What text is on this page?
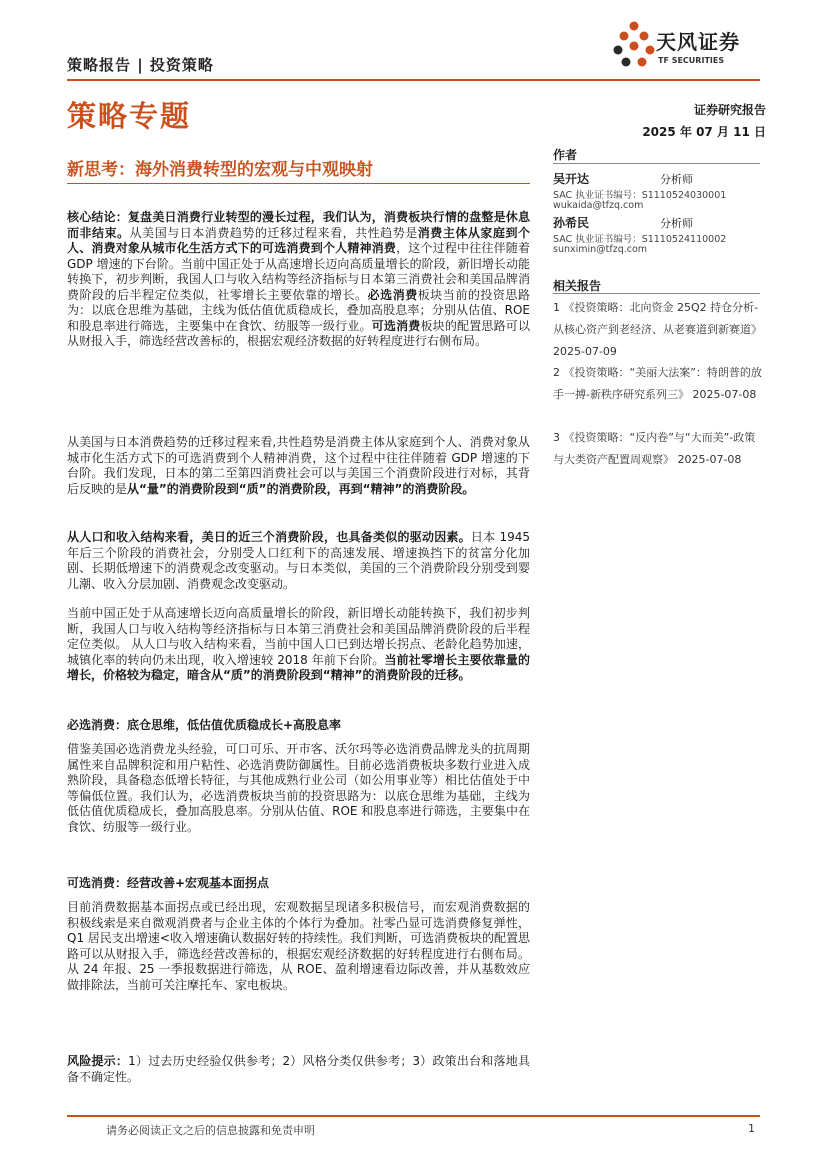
策略报告 | 投资策略
天风证券
TF SECURITIES
策略专题	证券研究报告
2025 年 07 月 11 日
新思考：海外消费转型的宏观与中观映射
作者
吴开达	分析师
SAC 执业证书编号：S1110524030001
wukaida@tfzq.com
孙希民	分析师
SAC 执业证书编号：S1110524110002
sunximin@tfzq.com
相关报告
1 《投资策略：北向资金 25Q2 持仓分析-从核心资产到老经济、从老赛道到新赛道》 2025-07-09
2 《投资策略：“美丽大法案”：特朗普的放手一搏-新秩序研究系列三》 2025-07-08
3 《投资策略：“反内卷”与“大而美”-政策与大类资产配置周观察》 2025-07-08

核心结论：复盘美日消费行业转型的漫长过程，我们认为，消费板块行情的盘整是休息而非结束。从美国与日本消费趋势的迁移过程来看，共性趋势是消费主体从家庭到个人、消费对象从城市化生活方式下的可选消费到个人精神消费，这个过程中往往伴随着 GDP 增速的下台阶。当前中国正处于从高速增长迈向高质量增长的阶段，新旧增长动能转换下，初步判断，我国人口与收入结构等经济指标与日本第三消费社会和美国品牌消费阶段的后半程定位类似，社零增长主要依靠的增长。必选消费板块当前的投资思路为：以底仓思维为基础，主线为低估值优质稳成长，叠加高股息率；分别从估值、ROE 和股息率进行筛选，主要集中在食饮、纺服等一级行业。可选消费板块的配置思路可以从财报入手，筛选经营改善标的，根据宏观经济数据的好转程度进行右侧布局。

从美国与日本消费趋势的迁移过程来看,共性趋势是消费主体从家庭到个人、消费对象从城市化生活方式下的可选消费到个人精神消费，这个过程中往往伴随着 GDP 增速的下台阶。我们发现，日本的第二至第四消费社会可以与美国三个消费阶段进行对标，其背后反映的是从“量”的消费阶段到“质”的消费阶段，再到“精神”的消费阶段。

从人口和收入结构来看，美日的近三个消费阶段，也具备类似的驱动因素。日本 1945 年后三个阶段的消费社会，分别受人口红利下的高速发展、增速换挡下的贫富分化加剧、长期低增速下的消费观念改变驱动。与日本类似，美国的三个消费阶段分别受到婴儿潮、收入分层加剧、消费观念改变驱动。

当前中国正处于从高速增长迈向高质量增长的阶段，新旧增长动能转换下，我们初步判断，我国人口与收入结构等经济指标与日本第三消费社会和美国品牌消费阶段的后半程定位类似。 从人口与收入结构来看，当前中国人口已到达增长拐点、老龄化趋势加速，城镇化率的转向仍未出现，收入增速较 2018 年前下台阶。当前社零增长主要依靠量的增长，价格较为稳定，暗含从“质”的消费阶段到“精神”的消费阶段的迁移。

必选消费：底仓思维，低估值优质稳成长+高股息率

借鉴美国必选消费龙头经验，可口可乐、开市客、沃尔玛等必选消费品牌龙头的抗周期属性来自品牌积淀和用户粘性、必选消费防御属性。目前必选消费板块多数行业进入成熟阶段，具备稳态低增长特征，与其他成熟行业公司（如公用事业等）相比估值处于中等偏低位置。我们认为，必选消费板块当前的投资思路为：以底仓思维为基础，主线为低估值优质稳成长，叠加高股息率。分别从估值、ROE 和股息率进行筛选，主要集中在食饮、纺服等一级行业。

可选消费：经营改善+宏观基本面拐点

目前消费数据基本面拐点或已经出现，宏观数据呈现诸多积极信号，而宏观消费数据的积极线索是来自微观消费者与企业主体的个体行为叠加。社零凸显可选消费修复弹性，Q1 居民支出增速<收入增速确认数据好转的持续性。我们判断，可选消费板块的配置思路可以从财报入手，筛选经营改善标的，根据宏观经济数据的好转程度进行右侧布局。从 24 年报、25 一季报数据进行筛选，从 ROE、盈利增速看边际改善，并从基数效应做排除法，当前可关注摩托车、家电板块。

风险提示：1）过去历史经验仅供参考；2）风格分类仅供参考；3）政策出台和落地具备不确定性。

请务必阅读正文之后的信息披露和免责申明	1
